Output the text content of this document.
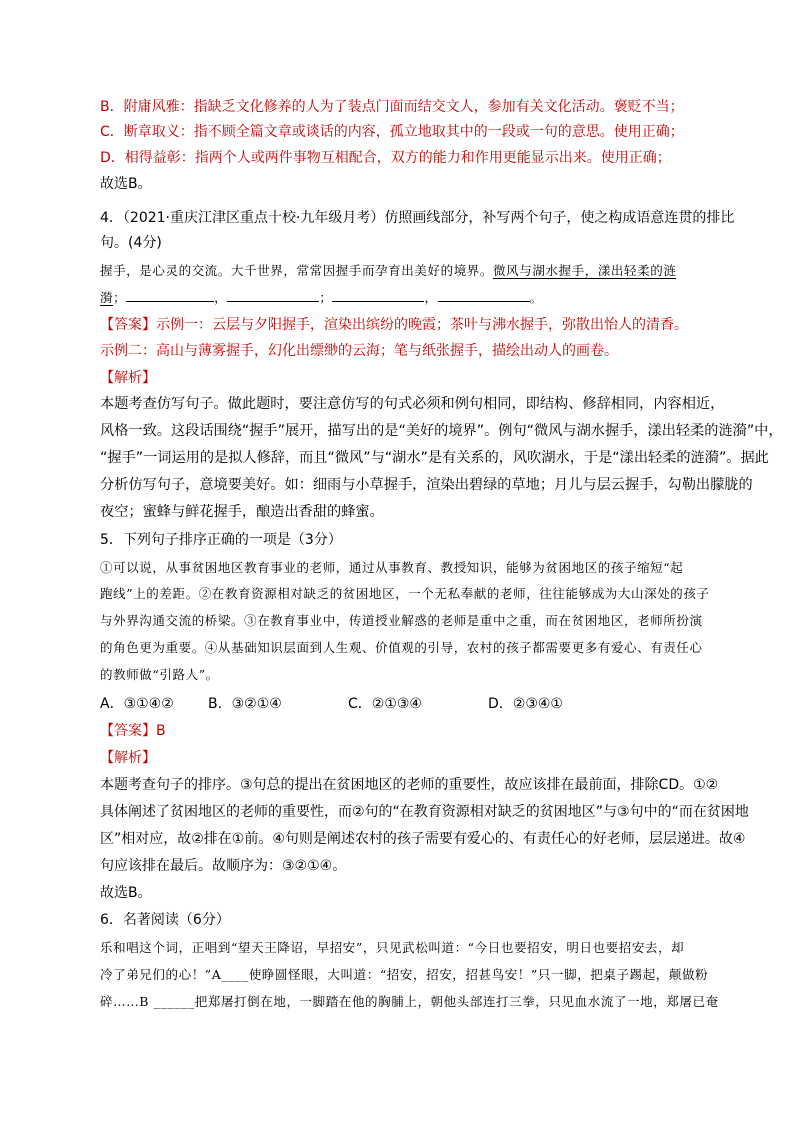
B．附庸风雅：指缺乏文化修养的人为了装点门面而结交文人，参加有关文化活动。褒贬不当；
C．断章取义：指不顾全篇文章或谈话的内容，孤立地取其中的一段或一句的意思。使用正确；
D．相得益彰：指两个人或两件事物互相配合，双方的能力和作用更能显示出来。使用正确；
故选B。
4．（2021·重庆江津区重点十校·九年级月考）仿照画线部分，补写两个句子，使之构成语意连贯的排比
句。(4分)
握手，是心灵的交流。大千世界，常常因握手而孕育出美好的境界。微风与湖水握手，漾出轻柔的涟
漪；	，	；	，	。
【答案】示例一：云层与夕阳握手，渲染出缤纷的晚霞；茶叶与沸水握手，弥散出怡人的清香。
示例二：高山与薄雾握手，幻化出缥缈的云海；笔与纸张握手，描绘出动人的画卷。
【解析】
本题考查仿写句子。做此题时，要注意仿写的句式必须和例句相同，即结构、修辞相同，内容相近，
风格一致。这段话围绕“握手”展开，描写出的是“美好的境界”。例句“微风与湖水握手，漾出轻柔的涟漪”中，
“握手”一词运用的是拟人修辞，而且“微风”与“湖水”是有关系的，风吹湖水，于是“漾出轻柔的涟漪”。据此
分析仿写句子，意境要美好。如：细雨与小草握手，渲染出碧绿的草地；月儿与层云握手，勾勒出朦胧的
夜空；蜜蜂与鲜花握手，酿造出香甜的蜂蜜。
5．下列句子排序正确的一项是（3分）
①可以说，从事贫困地区教育事业的老师，通过从事教育、教授知识，能够为贫困地区的孩子缩短“起
跑线”上的差距。②在教育资源相对缺乏的贫困地区，一个无私奉献的老师，往往能够成为大山深处的孩子
与外界沟通交流的桥梁。③在教育事业中，传道授业解惑的老师是重中之重，而在贫困地区，老师所扮演
的角色更为重要。④从基础知识层面到人生观、价值观的引导，农村的孩子都需要更多有爱心、有责任心
的教师做“引路人”。
A．③①④② B．③②①④	C．②①③④	D．②③④①
【答案】B
【解析】
本题考查句子的排序。③句总的提出在贫困地区的老师的重要性，故应该排在最前面，排除CD。①②
具体阐述了贫困地区的老师的重要性，而②句的“在教育资源相对缺乏的贫困地区”与③句中的“而在贫困地
区”相对应，故②排在①前。④句则是阐述农村的孩子需要有爱心的、有责任心的好老师，层层递进。故④
句应该排在最后。故顺序为：③②①④。
故选B。
6．名著阅读（6分）
乐和唱这个词，正唱到“望天王降诏，早招安”，只见武松叫道：“今日也要招安，明日也要招安去，却
冷了弟兄们的心！”A____使睁圆怪眼，大叫道：“招安，招安，招甚鸟安！”只一脚，把桌子踢起，颠做粉
碎……B ______把郑屠打倒在地，一脚踏在他的胸脯上，朝他头部连打三拳，只见血水流了一地，郑屠已奄
